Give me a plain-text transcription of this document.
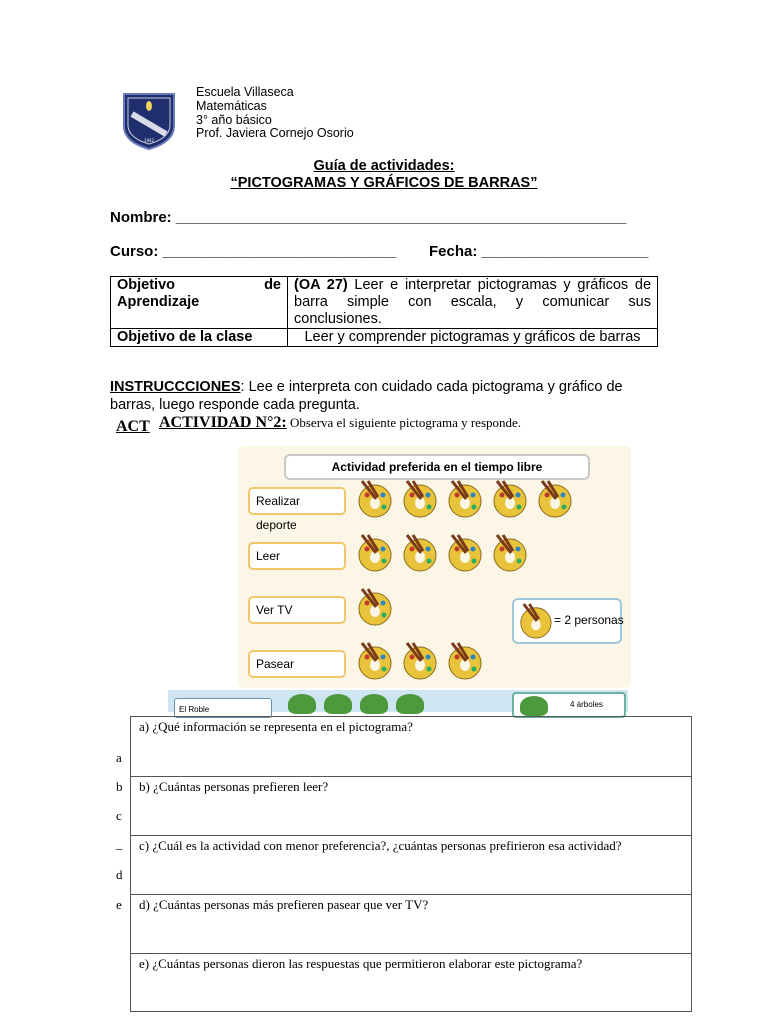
1942
Escuela Villaseca
Matemáticas
3° año básico
Prof. Javiera Cornejo Osorio
Guía de actividades:
“PICTOGRAMAS Y GRÁFICOS DE BARRAS”
Nombre: ______________________________________________________
Curso: ____________________________ Fecha: ____________________
Objetivo de
Aprendizaje	(OA 27) Leer e interpretar pictogramas y gráficos de barra simple con escala, y comunicar sus conclusiones.
Objetivo de la clase	Leer y comprender pictogramas y gráficos de barras
INSTRUCCCIONES: Lee e interpreta con cuidado cada pictograma y gráfico de barras, luego responde cada pregunta.
ACT ACTIVIDAD N°2: Observa el siguiente pictograma y responde.
Actividad preferida en el tiempo libre
Realizar deporte
Leer
Ver TV
Pasear
= 2 personas
El Roble
4 árboles
a
b
c
_
d
e
a) ¿Qué información se representa en el pictograma?
b) ¿Cuántas personas prefieren leer?
c) ¿Cuál es la actividad con menor preferencia?, ¿cuántas personas prefirieron esa actividad?
d) ¿Cuántas personas más prefieren pasear que ver TV?
e) ¿Cuántas personas dieron las respuestas que permitieron elaborar este pictograma?
